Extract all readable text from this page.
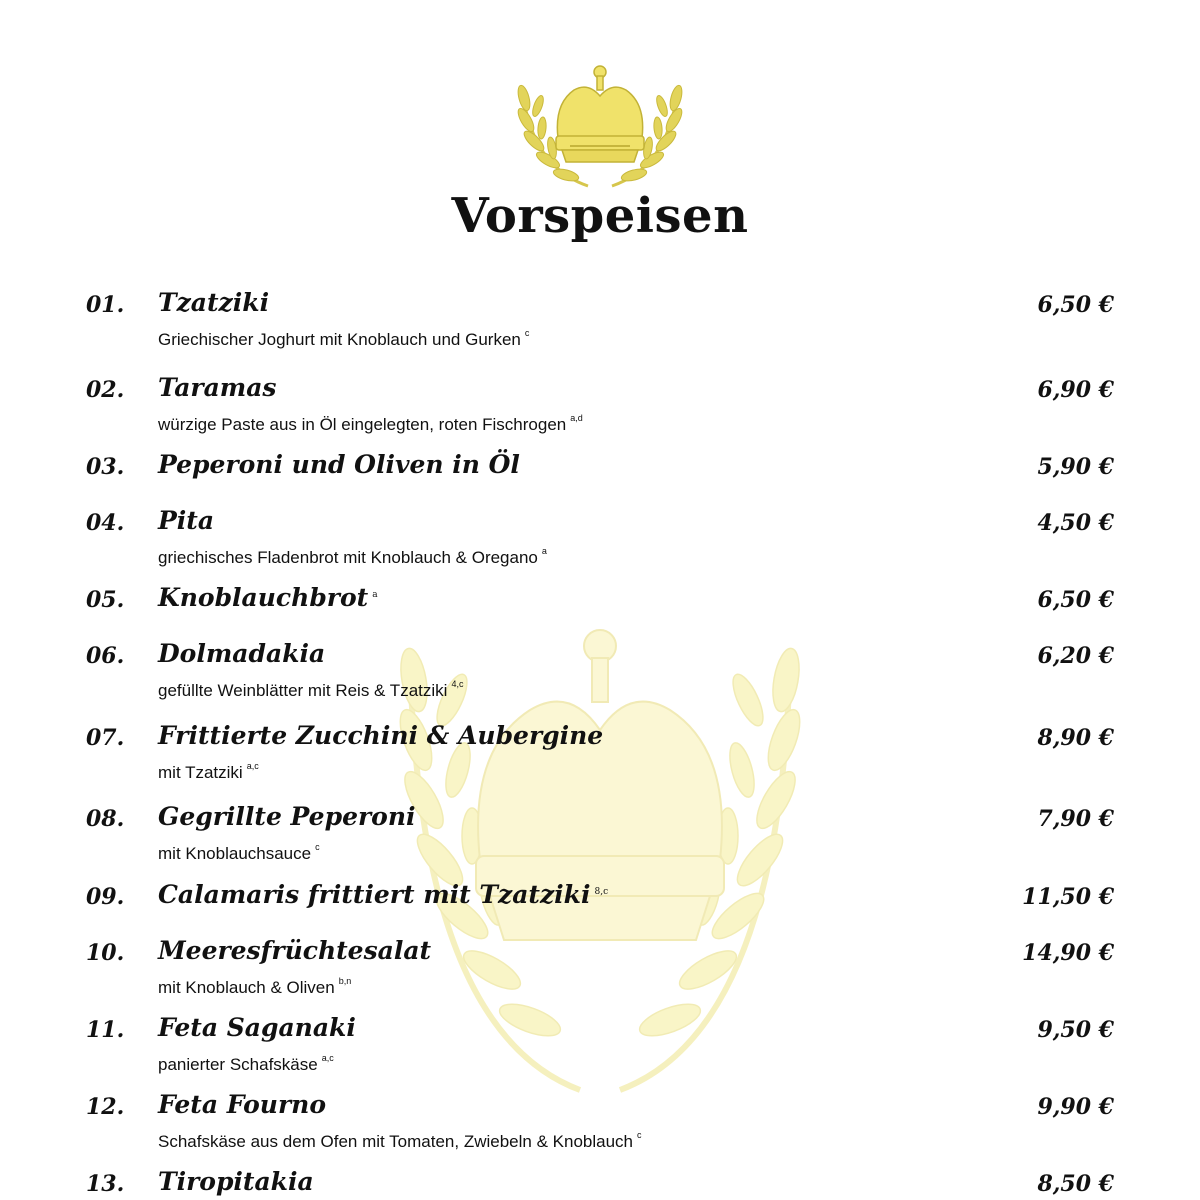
Vorspeisen
01. Tzatziki	6,50 €
Griechischer Joghurt mit Knoblauch und Gurken $^c$
02. Taramas	6,90 €
würzige Paste aus in Öl eingelegten, roten Fischrogen $^{a,d}$
03. Peperoni und Oliven in Öl	5,90 €
04. Pita	4,50 €
griechisches Fladenbrot mit Knoblauch & Oregano $^a$
05. Knoblauchbrot $^a$	6,50 €
06. Dolmadakia	6,20 €
gefüllte Weinblätter mit Reis & Tzatziki $^{4,c}$
07. Frittierte Zucchini & Aubergine	8,90 €
mit Tzatziki $^{a,c}$
08. Gegrillte Peperoni	7,90 €
mit Knoblauchsauce $^c$
09. Calamaris frittiert mit Tzatziki $^{8,c}$	11,50 €
10. Meeresfrüchtesalat	14,90 €
mit Knoblauch & Oliven $^{b,n}$
11. Feta Saganaki	9,50 €
panierter Schafskäse $^{a,c}$
12. Feta Fourno	9,90 €
Schafskäse aus dem Ofen mit Tomaten, Zwiebeln & Knoblauch $^c$
13. Tiropitakia	8,50 €
